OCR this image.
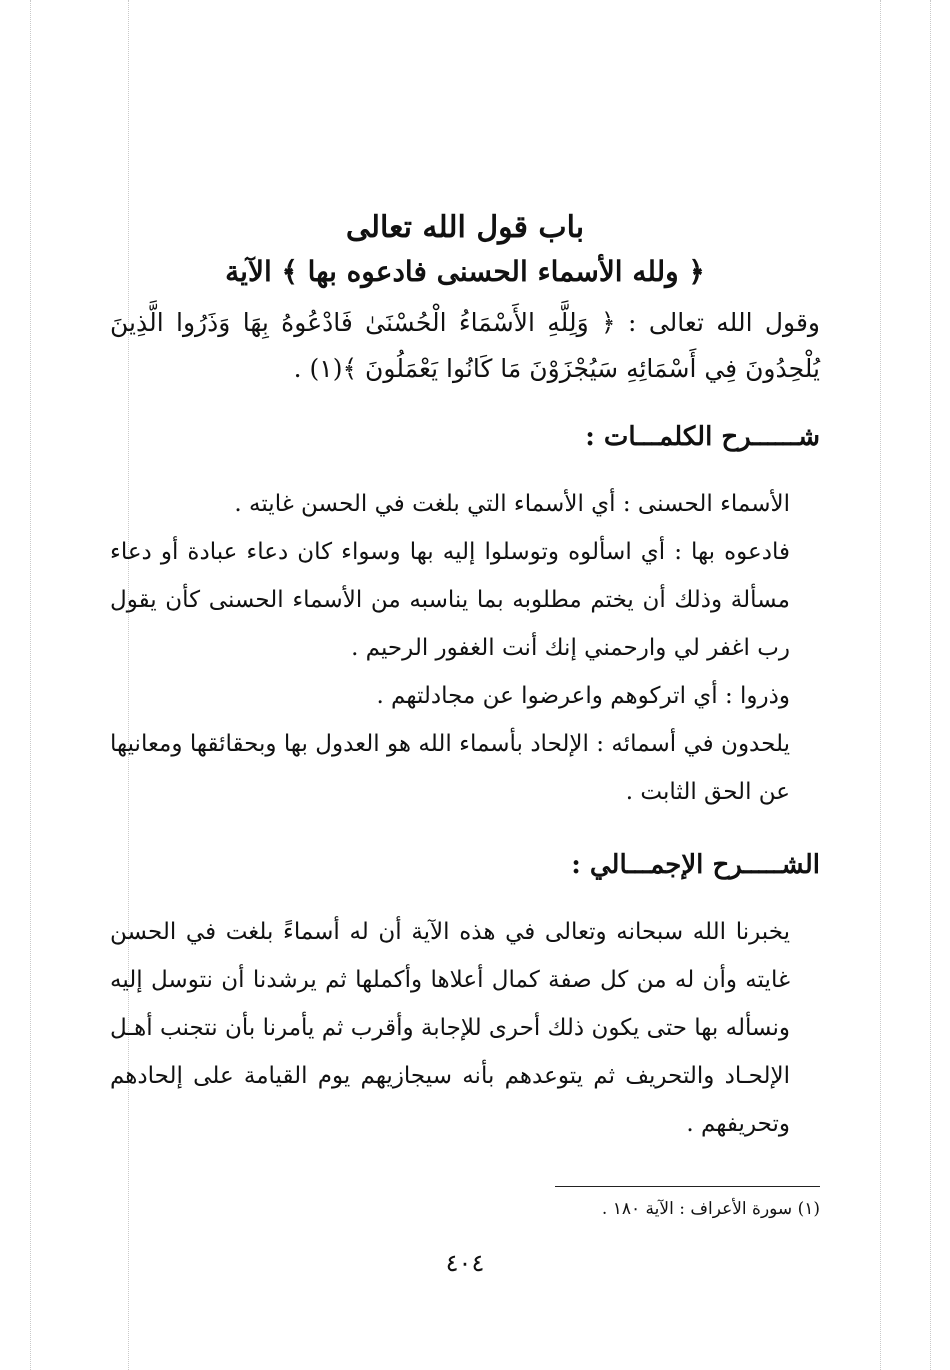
باب قول الله تعالى
﴿ ولله الأسماء الحسنى فادعوه بها ﴾ الآية

وقول الله تعالى : ﴿ وَلِلَّهِ الأَسْمَاءُ الْحُسْنَىٰ فَادْعُوهُ بِهَا وَذَرُوا الَّذِينَ يُلْحِدُونَ فِي أَسْمَائِهِ سَيُجْزَوْنَ مَا كَانُوا يَعْمَلُونَ ﴾(١) .

شــــــرح الكلمـــات :

الأسماء الحسنى : أي الأسماء التي بلغت في الحسن غايته .

فادعوه بها : أي اسألوه وتوسلوا إليه بها وسواء كان دعاء عبادة أو دعاء مسألة وذلك أن يختم مطلوبه بما يناسبه من الأسماء الحسنى كأن يقول رب اغفر لي وارحمني إنك أنت الغفور الرحيم .

وذروا : أي اتركوهم واعرضوا عن مجادلتهم .

يلحدون في أسمائه : الإلحاد بأسماء الله هو العدول بها وبحقائقها ومعانيها عن الحق الثابت .

الشـــــرح الإجمـــالي :

يخبرنا الله سبحانه وتعالى في هذه الآية أن له أسماءً بلغت في الحسن غايته وأن له من كل صفة كمال أعلاها وأكملها ثم يرشدنا أن نتوسل إليه ونسأله بها حتى يكون ذلك أحرى للإجابة وأقرب ثم يأمرنا بأن نتجنب أهـل الإلحـاد والتحريف ثم يتوعدهم بأنه سيجازيهم يوم القيامة على إلحادهم وتحريفهم .

(١) سورة الأعراف : الآية ١٨٠ .
٤٠٤
